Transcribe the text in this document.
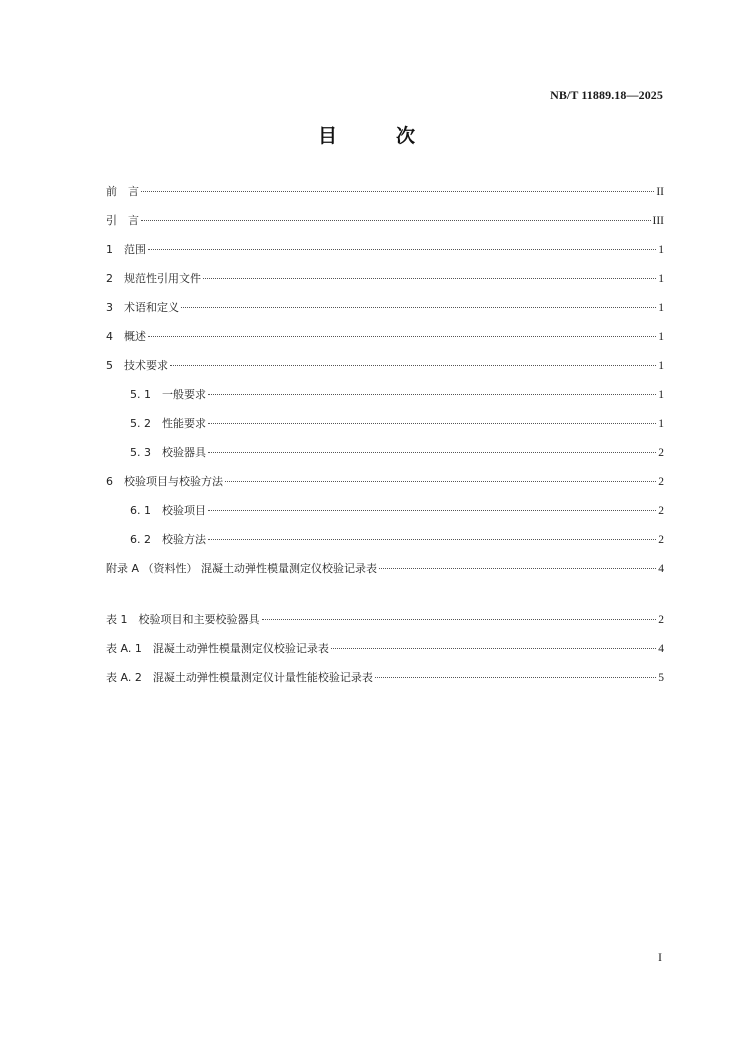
NB/T 11889.18—2025
目　次
前　言	II
引　言	III
1　范围	1
2　规范性引用文件	1
3　术语和定义	1
4　概述	1
5　技术要求	1
5. 1　一般要求	1
5. 2　性能要求	1
5. 3　校验器具	2
6　校验项目与校验方法	2
6. 1　校验项目	2
6. 2　校验方法	2
附录 A （资料性） 混凝土动弹性模量测定仪校验记录表	4
表 1　校验项目和主要校验器具	2
表 A. 1　混凝土动弹性模量测定仪校验记录表	4
表 A. 2　混凝土动弹性模量测定仪计量性能校验记录表	5
I
